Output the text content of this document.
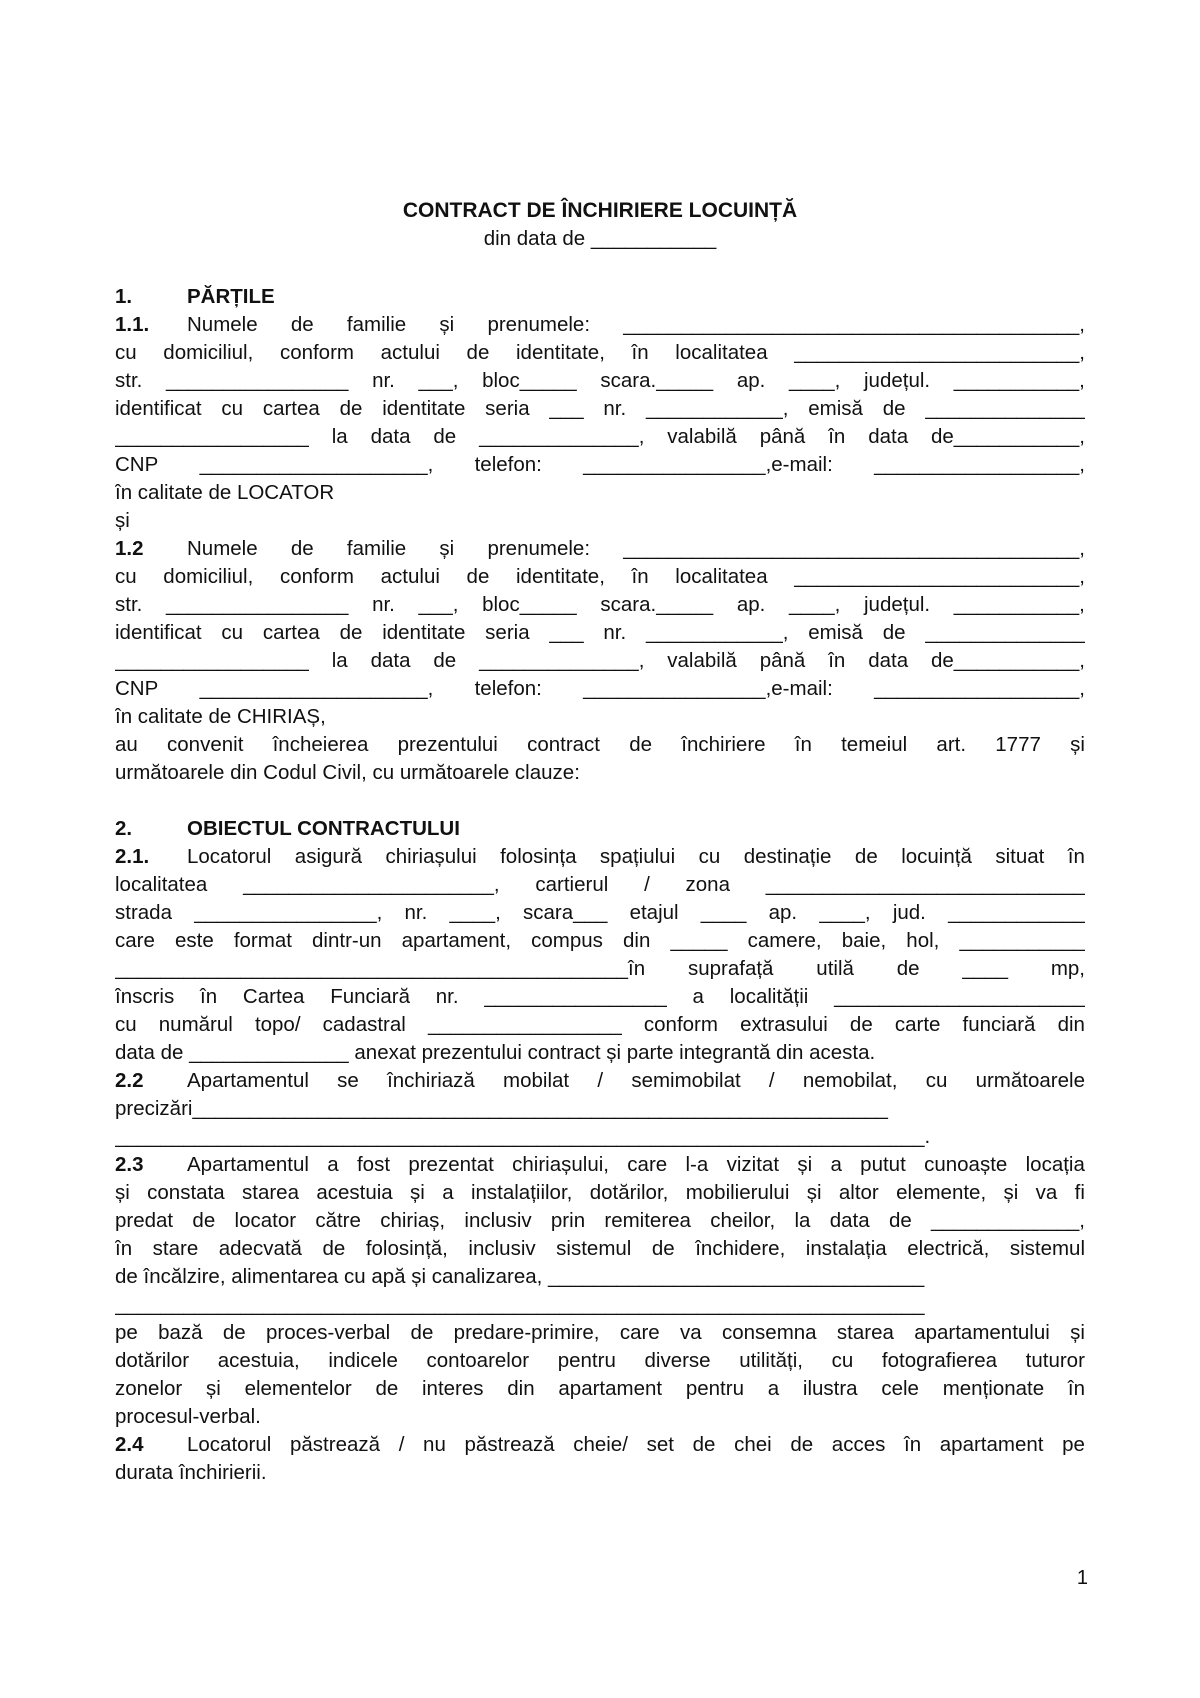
CONTRACT DE ÎNCHIRIERE LOCUINȚĂ
din data de ___________
1.	PĂRȚILE
1.1.	Numele de familie și prenumele: ________________________________________,
cu domiciliul, conform actului de identitate, în localitatea _________________________,
str. ________________ nr. ___, bloc_____ scara._____ ap. ____, județul. ___________,
identificat cu cartea de identitate seria ___ nr. ____________, emisă de ______________
_________________ la data de ______________, valabilă până în data de___________,
CNP ____________________, telefon: ________________,e-mail: __________________,
în calitate de LOCATOR
și
1.2	Numele de familie și prenumele: ________________________________________,
cu domiciliul, conform actului de identitate, în localitatea _________________________,
str. ________________ nr. ___, bloc_____ scara._____ ap. ____, județul. ___________,
identificat cu cartea de identitate seria ___ nr. ____________, emisă de ______________
_________________ la data de ______________, valabilă până în data de___________,
CNP ____________________, telefon: ________________,e-mail: __________________,
în calitate de CHIRIAȘ,
au convenit încheierea prezentului contract de închiriere în temeiul art. 1777 și
următoarele din Codul Civil, cu următoarele clauze:
2.	OBIECTUL CONTRACTULUI
2.1.	Locatorul asigură chiriașului folosința spațiului cu destinație de locuință situat în
localitatea ______________________, cartierul / zona ____________________________
strada ________________, nr. ____, scara___ etajul ____ ap. ____, jud. ____________
care este format dintr-un apartament, compus din _____ camere, baie, hol, ___________
_____________________________________________în suprafață utilă de ____ mp,
înscris în Cartea Funciară nr. ________________ a localității ______________________
cu numărul topo/ cadastral _________________ conform extrasului de carte funciară din
data de ______________ anexat prezentului contract și parte integrantă din acesta.
2.2	Apartamentul se închiriază mobilat / semimobilat / nemobilat, cu următoarele
precizări_____________________________________________________________
_______________________________________________________________________.
2.3	Apartamentul a fost prezentat chiriașului, care l-a vizitat și a putut cunoaște locația
și constata starea acestuia și a instalațiilor, dotărilor, mobilierului și altor elemente, și va fi
predat de locator către chiriaș, inclusiv prin remiterea cheilor, la data de _____________,
în stare adecvată de folosință, inclusiv sistemul de închidere, instalația electrică, sistemul
de încălzire, alimentarea cu apă și canalizarea, _________________________________
_______________________________________________________________________
pe bază de proces-verbal de predare-primire, care va consemna starea apartamentului și
dotărilor acestuia, indicele contoarelor pentru diverse utilități, cu fotografierea tuturor
zonelor și elementelor de interes din apartament pentru a ilustra cele menționate în
procesul-verbal.
2.4	Locatorul păstrează / nu păstrează cheie/ set de chei de acces în apartament pe
durata închirierii.
1
